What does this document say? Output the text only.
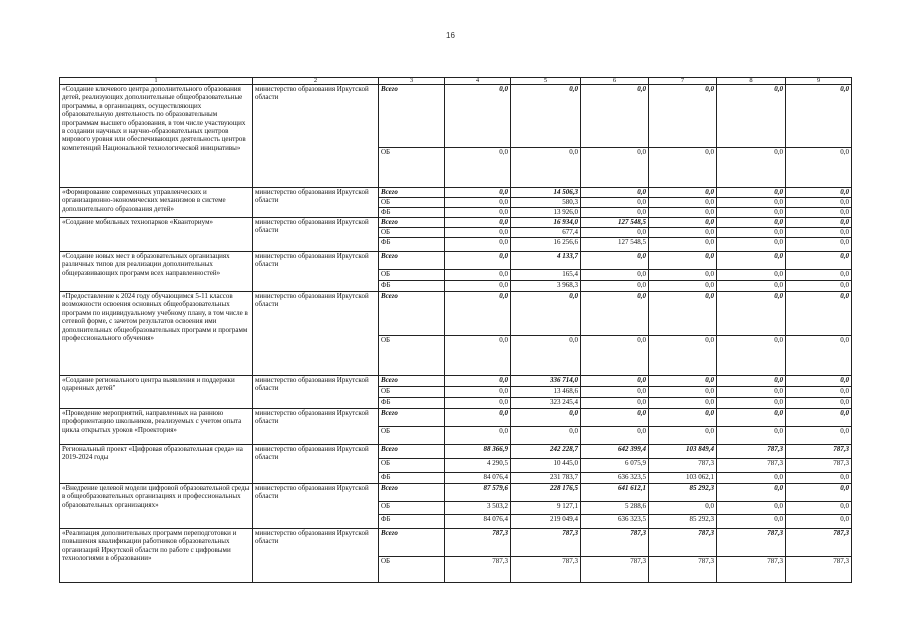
16
1	2	3	4	5	6	7	8	9
«Создание ключевого центра дополнительного образования детей, реализующих дополнительные общеобразовательные программы, в организациях, осуществляющих образовательную деятельность по образовательным программам высшего образования, в том числе участвующих в создании научных и научно-образовательных центров мирового уровня или обеспечивающих деятельность центров компетенций Национальной технологической инициативы»	министерство образования Иркутской области	Всего	0,0	0,0	0,0	0,0	0,0	0,0
		ОБ	0,0	0,0	0,0	0,0	0,0	0,0
«Формирование современных управленческих и организационно-экономических механизмов в системе дополнительного образования детей»	министерство образования Иркутской области	Всего	0,0	14 506,3	0,0	0,0	0,0	0,0
		ОБ	0,0	580,3	0,0	0,0	0,0	0,0
		ФБ	0,0	13 926,0	0,0	0,0	0,0	0,0
«Создание мобильных технопарков «Кванториум»	министерство образования Иркутской области	Всего	0,0	16 934,0	127 548,5	0,0	0,0	0,0
		ОБ	0,0	677,4	0,0	0,0	0,0	0,0
		ФБ	0,0	16 256,6	127 548,5	0,0	0,0	0,0
«Создание новых мест в образовательных организациях различных типов для реализации дополнительных общеразвивающих программ всех направленностей»	министерство образования Иркутской области	Всего	0,0	4 133,7	0,0	0,0	0,0	0,0
		ОБ	0,0	165,4	0,0	0,0	0,0	0,0
		ФБ	0,0	3 968,3	0,0	0,0	0,0	0,0
«Предоставление к 2024 году обучающимся 5-11 классов возможности освоения основных общеобразовательных программ по индивидуальному учебному плану, в том числе в сетевой форме, с зачетом результатов освоения ими дополнительных общеобразовательных программ и программ профессионального обучения»	министерство образования Иркутской области	Всего	0,0	0,0	0,0	0,0	0,0	0,0
		ОБ	0,0	0,0	0,0	0,0	0,0	0,0
«Создание регионального центра выявления и поддержки одаренных детей"	министерство образования Иркутской области	Всего	0,0	336 714,0	0,0	0,0	0,0	0,0
		ОБ	0,0	13 468,6	0,0	0,0	0,0	0,0
		ФБ	0,0	323 245,4	0,0	0,0	0,0	0,0
«Проведение мероприятий, направленных на раннюю профориентацию школьников, реализуемых с учетом опыта цикла открытых уроков «Проектория»	министерство образования Иркутской области	Всего	0,0	0,0	0,0	0,0	0,0	0,0
		ОБ	0,0	0,0	0,0	0,0	0,0	0,0
Региональный проект «Цифровая образовательная среда» на 2019-2024 годы	министерство образования Иркутской области	Всего	88 366,9	242 228,7	642 399,4	103 849,4	787,3	787,3
		ОБ	4 290,5	10 445,0	6 075,9	787,3	787,3	787,3
		ФБ	84 076,4	231 783,7	636 323,5	103 062,1	0,0	0,0
«Внедрение целевой модели цифровой образовательной среды в общеобразовательных организациях и профессиональных образовательных организациях»	министерство образования Иркутской области	Всего	87 579,6	228 176,5	641 612,1	85 292,3	0,0	0,0
		ОБ	3 503,2	9 127,1	5 288,6	0,0	0,0	0,0
		ФБ	84 076,4	219 049,4	636 323,5	85 292,3	0,0	0,0
«Реализация дополнительных программ переподготовки и повышения квалификации работников образовательных организаций Иркутской области по работе с цифровыми технологиями в образовании»	министерство образования Иркутской области	Всего	787,3	787,3	787,3	787,3	787,3	787,3
		ОБ	787,3	787,3	787,3	787,3	787,3	787,3
